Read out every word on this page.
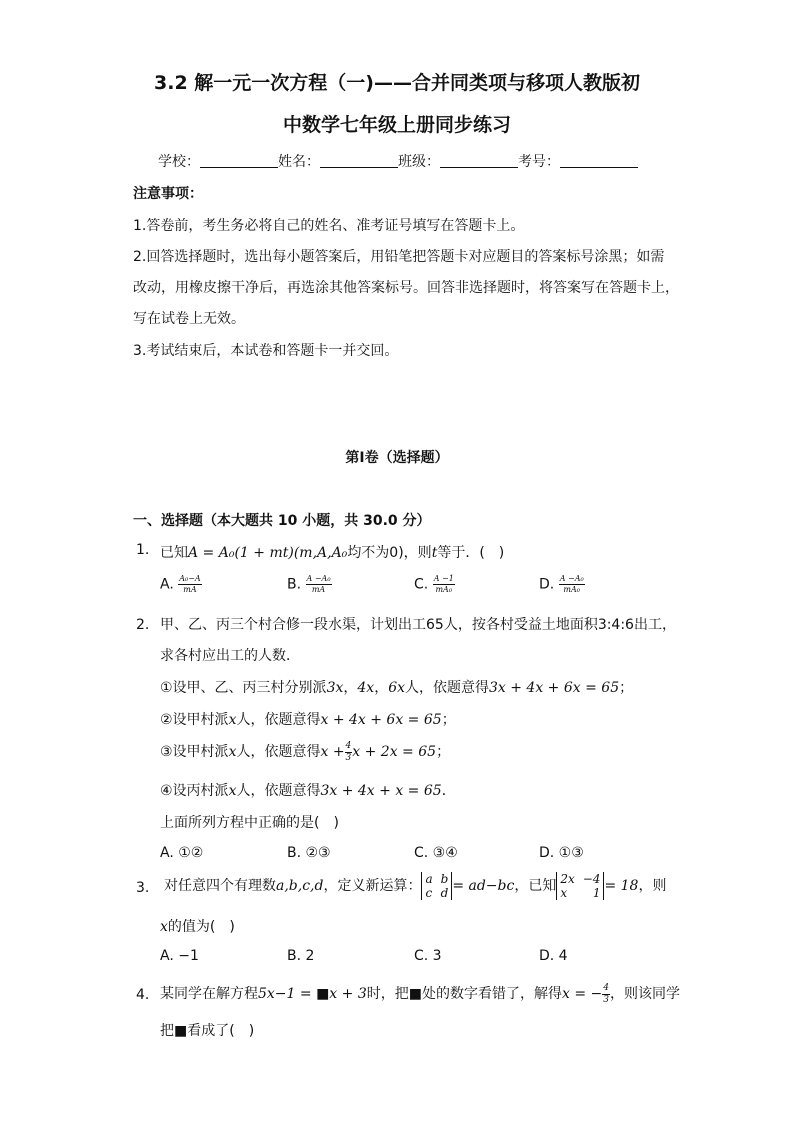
3.2 解一元一次方程（一)——合并同类项与移项人教版初
中数学七年级上册同步练习
学校：	姓名：	班级：	考号：
注意事项：
1.答卷前，考生务必将自己的姓名、准考证号填写在答题卡上。
2.回答选择题时，选出每小题答案后，用铅笔把答题卡对应题目的答案标号涂黑；如需
改动，用橡皮擦干净后，再选涂其他答案标号。回答非选择题时，将答案写在答题卡上，
写在试卷上无效。
3.考试结束后，本试卷和答题卡一并交回。
第Ⅰ卷（选择题）
一、选择题（本大题共 10 小题，共 30.0 分）
1. 已知A = A₀(1 + mt)(m,A,A₀均不为0)，则t等于．(　)
A. $\frac{\text{A₀−A}}{mA}$	B. $\frac{\text{A −A₀}}{mA}$	C. $\frac{A -1}{\text{mA₀}}$	D. $\frac{\text{A −A₀}}{\text{mA₀}}$
2. 甲、乙、丙三个村合修一段水渠，计划出工65人，按各村受益土地面积3:4:6出工，
求各村应出工的人数．
①设甲、乙、丙三村分别派3x，4x，6x人，依题意得3x + 4x + 6x = 65；
②设甲村派x人，依题意得x + 4x + 6x = 65；
③设甲村派x人，依题意得$x + \frac{4}{3}$ x + 2x = 65；
④设丙村派x人，依题意得3x + 4x + x = 65．
上面所列方程中正确的是(　)
A. ①②	B. ②③	C. ③④	D. ①③
3. 对任意四个有理数a,b,c,d，定义新运算： a b
c d = ad−bc，已知 2x −4
x 1 = 18，则
x的值为(　)
A. −1	B. 2	C. 3	D. 4
4. 某同学在解方程5x−1 = ■x + 3时，把■处的数字看错了，解得x = − $\frac{4}{3}$ ，则该同学
把■看成了(　)
